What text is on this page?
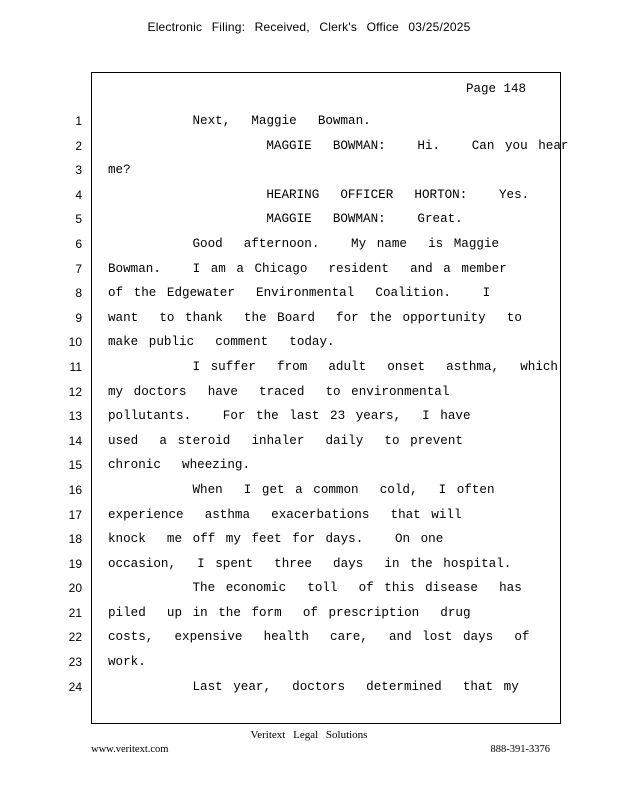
Electronic Filing: Received, Clerk's Office 03/25/2025
Page 148
1 Next,  Maggie  Bowman.
2 MAGGIE  BOWMAN:   Hi.   Can you hear
3 me?
4 HEARING  OFFICER  HORTON:   Yes.
5 MAGGIE  BOWMAN:   Great.
6 Good  afternoon.   My name  is Maggie
7 Bowman.   I am a Chicago  resident  and a member
8 of the Edgewater  Environmental  Coalition.   I
9 want  to thank  the Board  for the opportunity  to
10 make public  comment  today.
11 I suffer  from  adult  onset  asthma,  which
12 my doctors  have  traced  to environmental
13 pollutants.   For the last 23 years,  I have
14 used  a steroid  inhaler  daily  to prevent
15 chronic  wheezing.
16 When  I get a common  cold,  I often
17 experience  asthma  exacerbations  that will
18 knock  me off my feet for days.   On one
19 occasion,  I spent  three  days  in the hospital.
20 The economic  toll  of this disease  has
21 piled  up in the form  of prescription  drug
22 costs,  expensive  health  care,  and lost days  of
23 work.
24 Last year,  doctors  determined  that my
Veritext Legal Solutions
www.veritext.com	888-391-3376
